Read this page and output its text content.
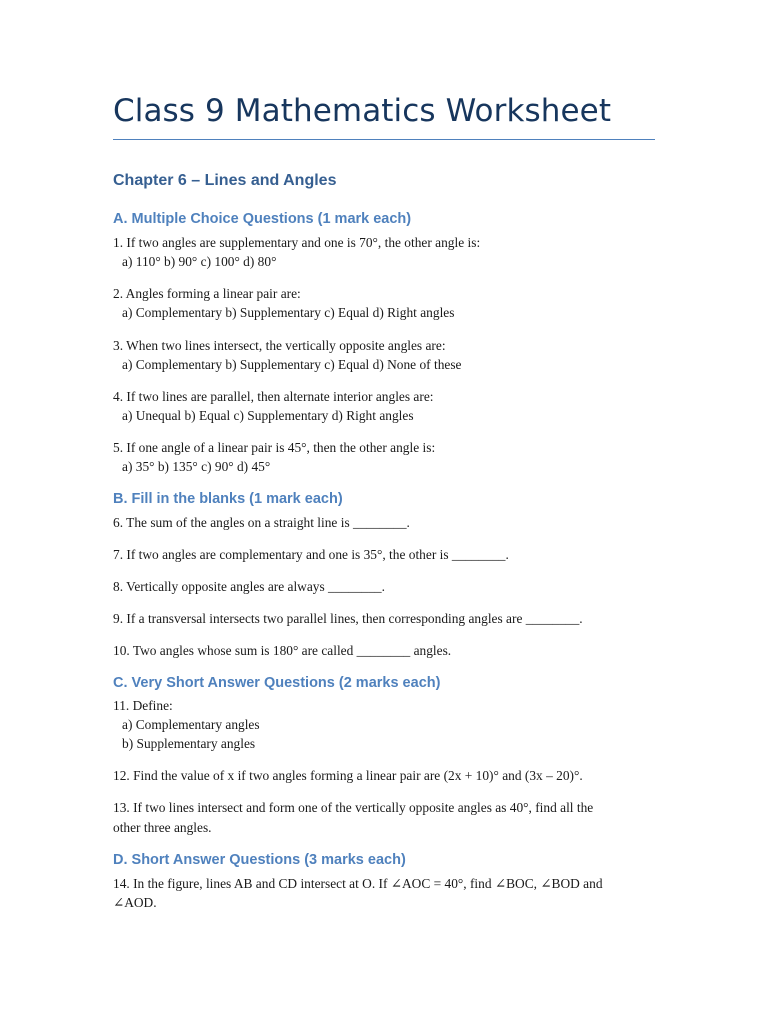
Class 9 Mathematics Worksheet
Chapter 6 – Lines and Angles
A. Multiple Choice Questions (1 mark each)
1. If two angles are supplementary and one is 70°, the other angle is:
a) 110° b) 90° c) 100° d) 80°
2. Angles forming a linear pair are:
a) Complementary b) Supplementary c) Equal d) Right angles
3. When two lines intersect, the vertically opposite angles are:
a) Complementary b) Supplementary c) Equal d) None of these
4. If two lines are parallel, then alternate interior angles are:
a) Unequal b) Equal c) Supplementary d) Right angles
5. If one angle of a linear pair is 45°, then the other angle is:
a) 35° b) 135° c) 90° d) 45°
B. Fill in the blanks (1 mark each)
6. The sum of the angles on a straight line is ________.
7. If two angles are complementary and one is 35°, the other is ________.
8. Vertically opposite angles are always ________.
9. If a transversal intersects two parallel lines, then corresponding angles are ________.
10. Two angles whose sum is 180° are called ________ angles.
C. Very Short Answer Questions (2 marks each)
11. Define:
a) Complementary angles
b) Supplementary angles
12. Find the value of x if two angles forming a linear pair are (2x + 10)° and (3x – 20)°.
13. If two lines intersect and form one of the vertically opposite angles as 40°, find all the
other three angles.
D. Short Answer Questions (3 marks each)
14. In the figure, lines AB and CD intersect at O. If ∠AOC = 40°, find ∠BOC, ∠BOD and
∠AOD.
